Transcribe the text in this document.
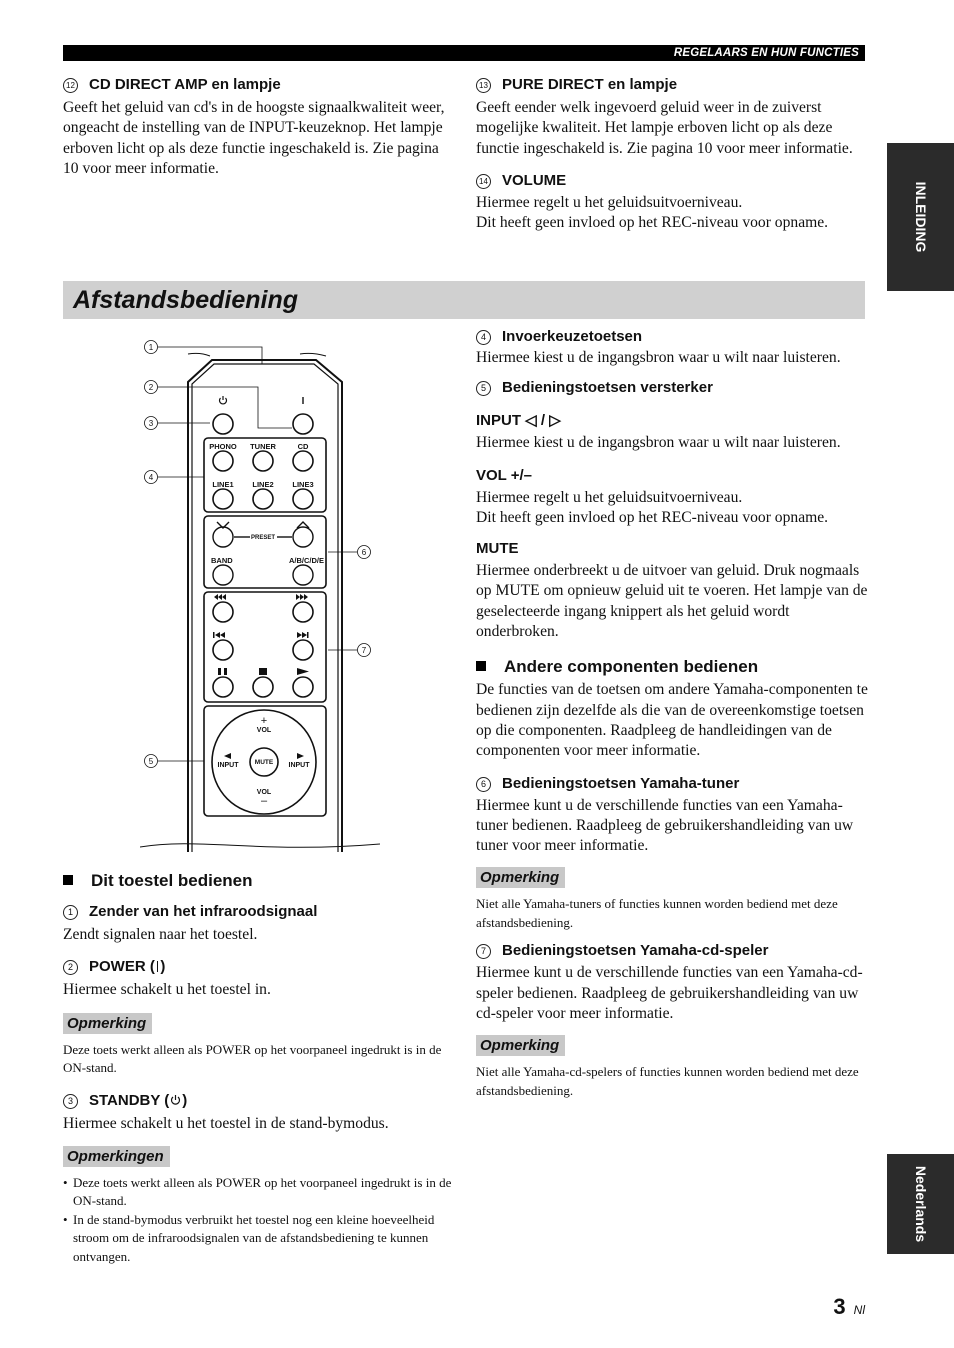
REGELAARS EN HUN FUNCTIES
INLEIDING
Nederlands

12 CD DIRECT AMP en lampje

Geeft het geluid van cd's in de hoogste signaalkwaliteit weer, ongeacht de instelling van de INPUT-keuzeknop. Het lampje erboven licht op als deze functie ingeschakeld is. Zie pagina 10 voor meer informatie.

13 PURE DIRECT en lampje

Geeft eender welk ingevoerd geluid weer in de zuiverst mogelijke kwaliteit. Het lampje erboven licht op als deze functie ingeschakeld is. Zie pagina 10 voor meer informatie.

14 VOLUME

Hiermee regelt u het geluidsuitvoerniveau.

Dit heeft geen invloed op het REC-niveau voor opname.

Afstandsbediening
1
2
3
4
5
6
7
PHONO TUNER	CD
LINE1 LINE2 LINE3
PRESET
BAND	A/B/C/D/E
+
VOL
VOL
–
MUTE
INPUT	INPUT

Dit toestel bedienen

1 Zender van het infraroodsignaal

Zendt signalen naar het toestel.

2 POWER ( )

Hiermee schakelt u het toestel in.

Opmerking

Deze toets werkt alleen als POWER op het voorpaneel ingedrukt is in de ON-stand.

3 STANDBY ( )

Hiermee schakelt u het toestel in de stand-bymodus.

Opmerkingen
• Deze toets werkt alleen als POWER op het voorpaneel ingedrukt is in de ON-stand.
• In de stand-bymodus verbruikt het toestel nog een kleine hoeveelheid stroom om de infraroodsignalen van de afstandsbediening te kunnen ontvangen.

4 Invoerkeuzetoetsen

Hiermee kiest u de ingangsbron waar u wilt naar luisteren.

5 Bedieningstoetsen versterker

INPUT ◁ / ▷

Hiermee kiest u de ingangsbron waar u wilt naar luisteren.

VOL +/–

Hiermee regelt u het geluidsuitvoerniveau.

Dit heeft geen invloed op het REC-niveau voor opname.

MUTE

Hiermee onderbreekt u de uitvoer van geluid. Druk nogmaals op MUTE om opnieuw geluid uit te voeren. Het lampje van de geselecteerde ingang knippert als het geluid wordt onderbroken.

Andere componenten bedienen

De functies van de toetsen om andere Yamaha-componenten te bedienen zijn dezelfde als die van de overeenkomstige toetsen op die componenten. Raadpleeg de handleidingen van de componenten voor meer informatie.

6 Bedieningstoetsen Yamaha-tuner

Hiermee kunt u de verschillende functies van een Yamaha-tuner bedienen. Raadpleeg de gebruikershandleiding van uw tuner voor meer informatie.

Opmerking

Niet alle Yamaha-tuners of functies kunnen worden bediend met deze afstandsbediening.

7 Bedieningstoetsen Yamaha-cd-speler

Hiermee kunt u de verschillende functies van een Yamaha-cd-speler bedienen. Raadpleeg de gebruikershandleiding van uw cd-speler voor meer informatie.

Opmerking

Niet alle Yamaha-cd-spelers of functies kunnen worden bediend met deze afstandsbediening.

3 Nl
